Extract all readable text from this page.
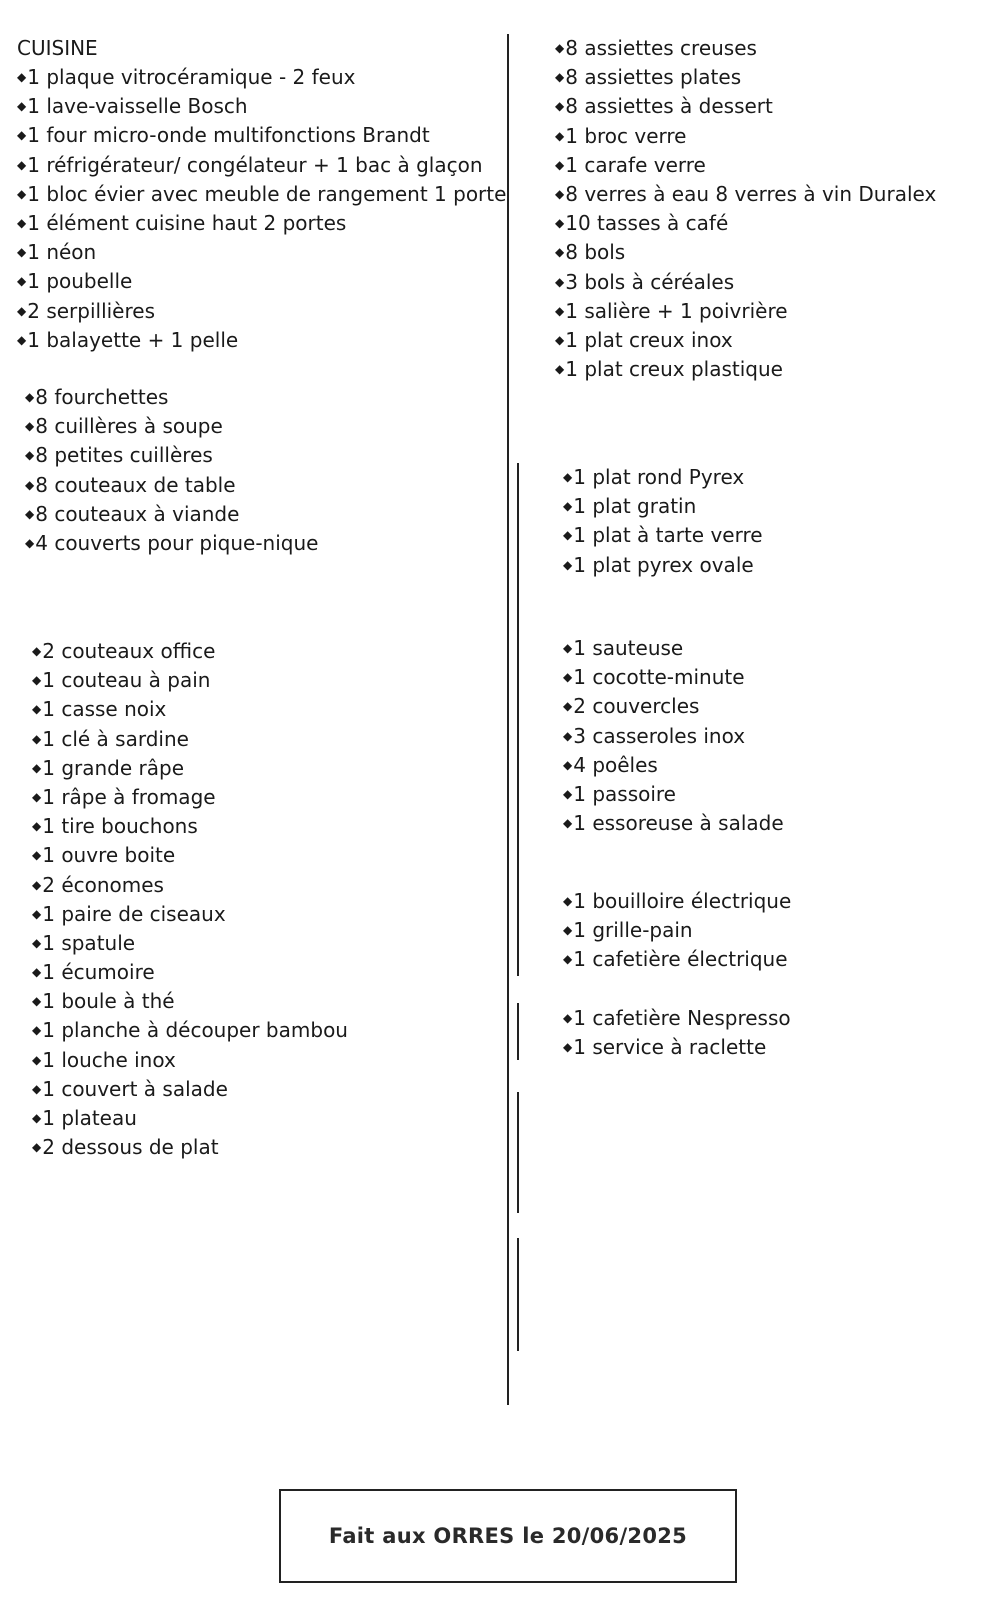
CUISINE
◆1 plaque vitrocéramique - 2 feux
◆1 lave-vaisselle Bosch
◆1 four micro-onde multifonctions Brandt
◆1 réfrigérateur/ congélateur + 1 bac à glaçon
◆1 bloc évier avec meuble de rangement 1 porte
◆1 élément cuisine haut 2 portes
◆1 néon
◆1 poubelle
◆2 serpillières
◆1 balayette + 1 pelle
◆8 fourchettes
◆8 cuillères à soupe
◆8 petites cuillères
◆8 couteaux de table
◆8 couteaux à viande
◆4 couverts pour pique-nique
◆2 couteaux office
◆1 couteau à pain
◆1 casse noix
◆1 clé à sardine
◆1 grande râpe
◆1 râpe à fromage
◆1 tire bouchons
◆1 ouvre boite
◆2 économes
◆1 paire de ciseaux
◆1 spatule
◆1 écumoire
◆1 boule à thé
◆1 planche à découper bambou
◆1 louche inox
◆1 couvert à salade
◆1 plateau
◆2 dessous de plat
◆8 assiettes creuses
◆8 assiettes plates
◆8 assiettes à dessert
◆1 broc verre
◆1 carafe verre
◆8 verres à eau 8 verres à vin Duralex
◆10 tasses à café
◆8 bols
◆3 bols à céréales
◆1 salière + 1 poivrière
◆1 plat creux inox
◆1 plat creux plastique
◆1 plat rond Pyrex
◆1 plat gratin
◆1 plat à tarte verre
◆1 plat pyrex ovale
◆1 sauteuse
◆1 cocotte-minute
◆2 couvercles
◆3 casseroles inox
◆4 poêles
◆1 passoire
◆1 essoreuse à salade
◆1 bouilloire électrique
◆1 grille-pain
◆1 cafetière électrique
◆1 cafetière Nespresso
◆1 service à raclette
Fait aux ORRES le 20/06/2025
